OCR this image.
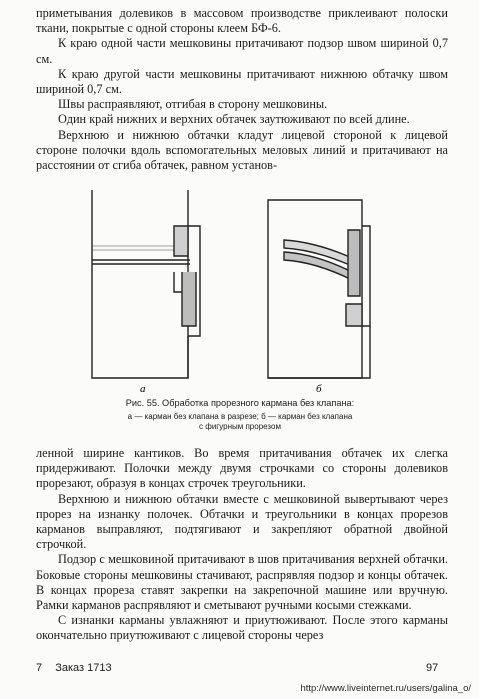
приметывания долевиков в массовом производстве приклеивают полоски ткани, покрытые с одной стороны клеем БФ-6.

К краю одной части мешковины притачивают подзор швом шириной 0,7 см.

К краю другой части мешковины притачивают нижнюю обтачку швом шириной 0,7 см.

Швы распраявляют, отгибая в сторону мешковины.

Один край нижних и верхних обтачек заутюживают по всей длине.

Верхнюю и нижнюю обтачки кладут лицевой стороной к лицевой стороне полочки вдоль вспомогательных меловых линий и притачивают на расстоянии от сгиба обтачек, равном установ-

а	б
Рис. 55. Обработка прорезного кармана без клапана:
а — карман без клапана в разрезе; б — карман без клапана
с фигурным прорезом

ленной ширине кантиков. Во время притачивания обтачек их слегка придерживают. Полочки между двумя строчками со стороны долевиков прорезают, образуя в концах строчек треугольники.

Верхнюю и нижнюю обтачки вместе с мешковиной вывертывают через прорез на изнанку полочек. Обтачки и треугольники в концах прорезов карманов выправляют, подтягивают и закрепляют обратной двойной строчкой.

Подзор с мешковиной притачивают в шов притачивания верхней обтачки. Боковые стороны мешковины стачивают, распрявляя подзор и концы обтачек. В концах прореза ставят закрепки на закрепочной машине или вручную. Рамки карманов распрявляют и сметывают ручными косыми стежками.

С изнанки карманы увлажняют и приутюживают. После этого карманы окончательно приутюживают с лицевой стороны через

7 Заказ 1713	97
http://www.liveinternet.ru/users/galina_o/
